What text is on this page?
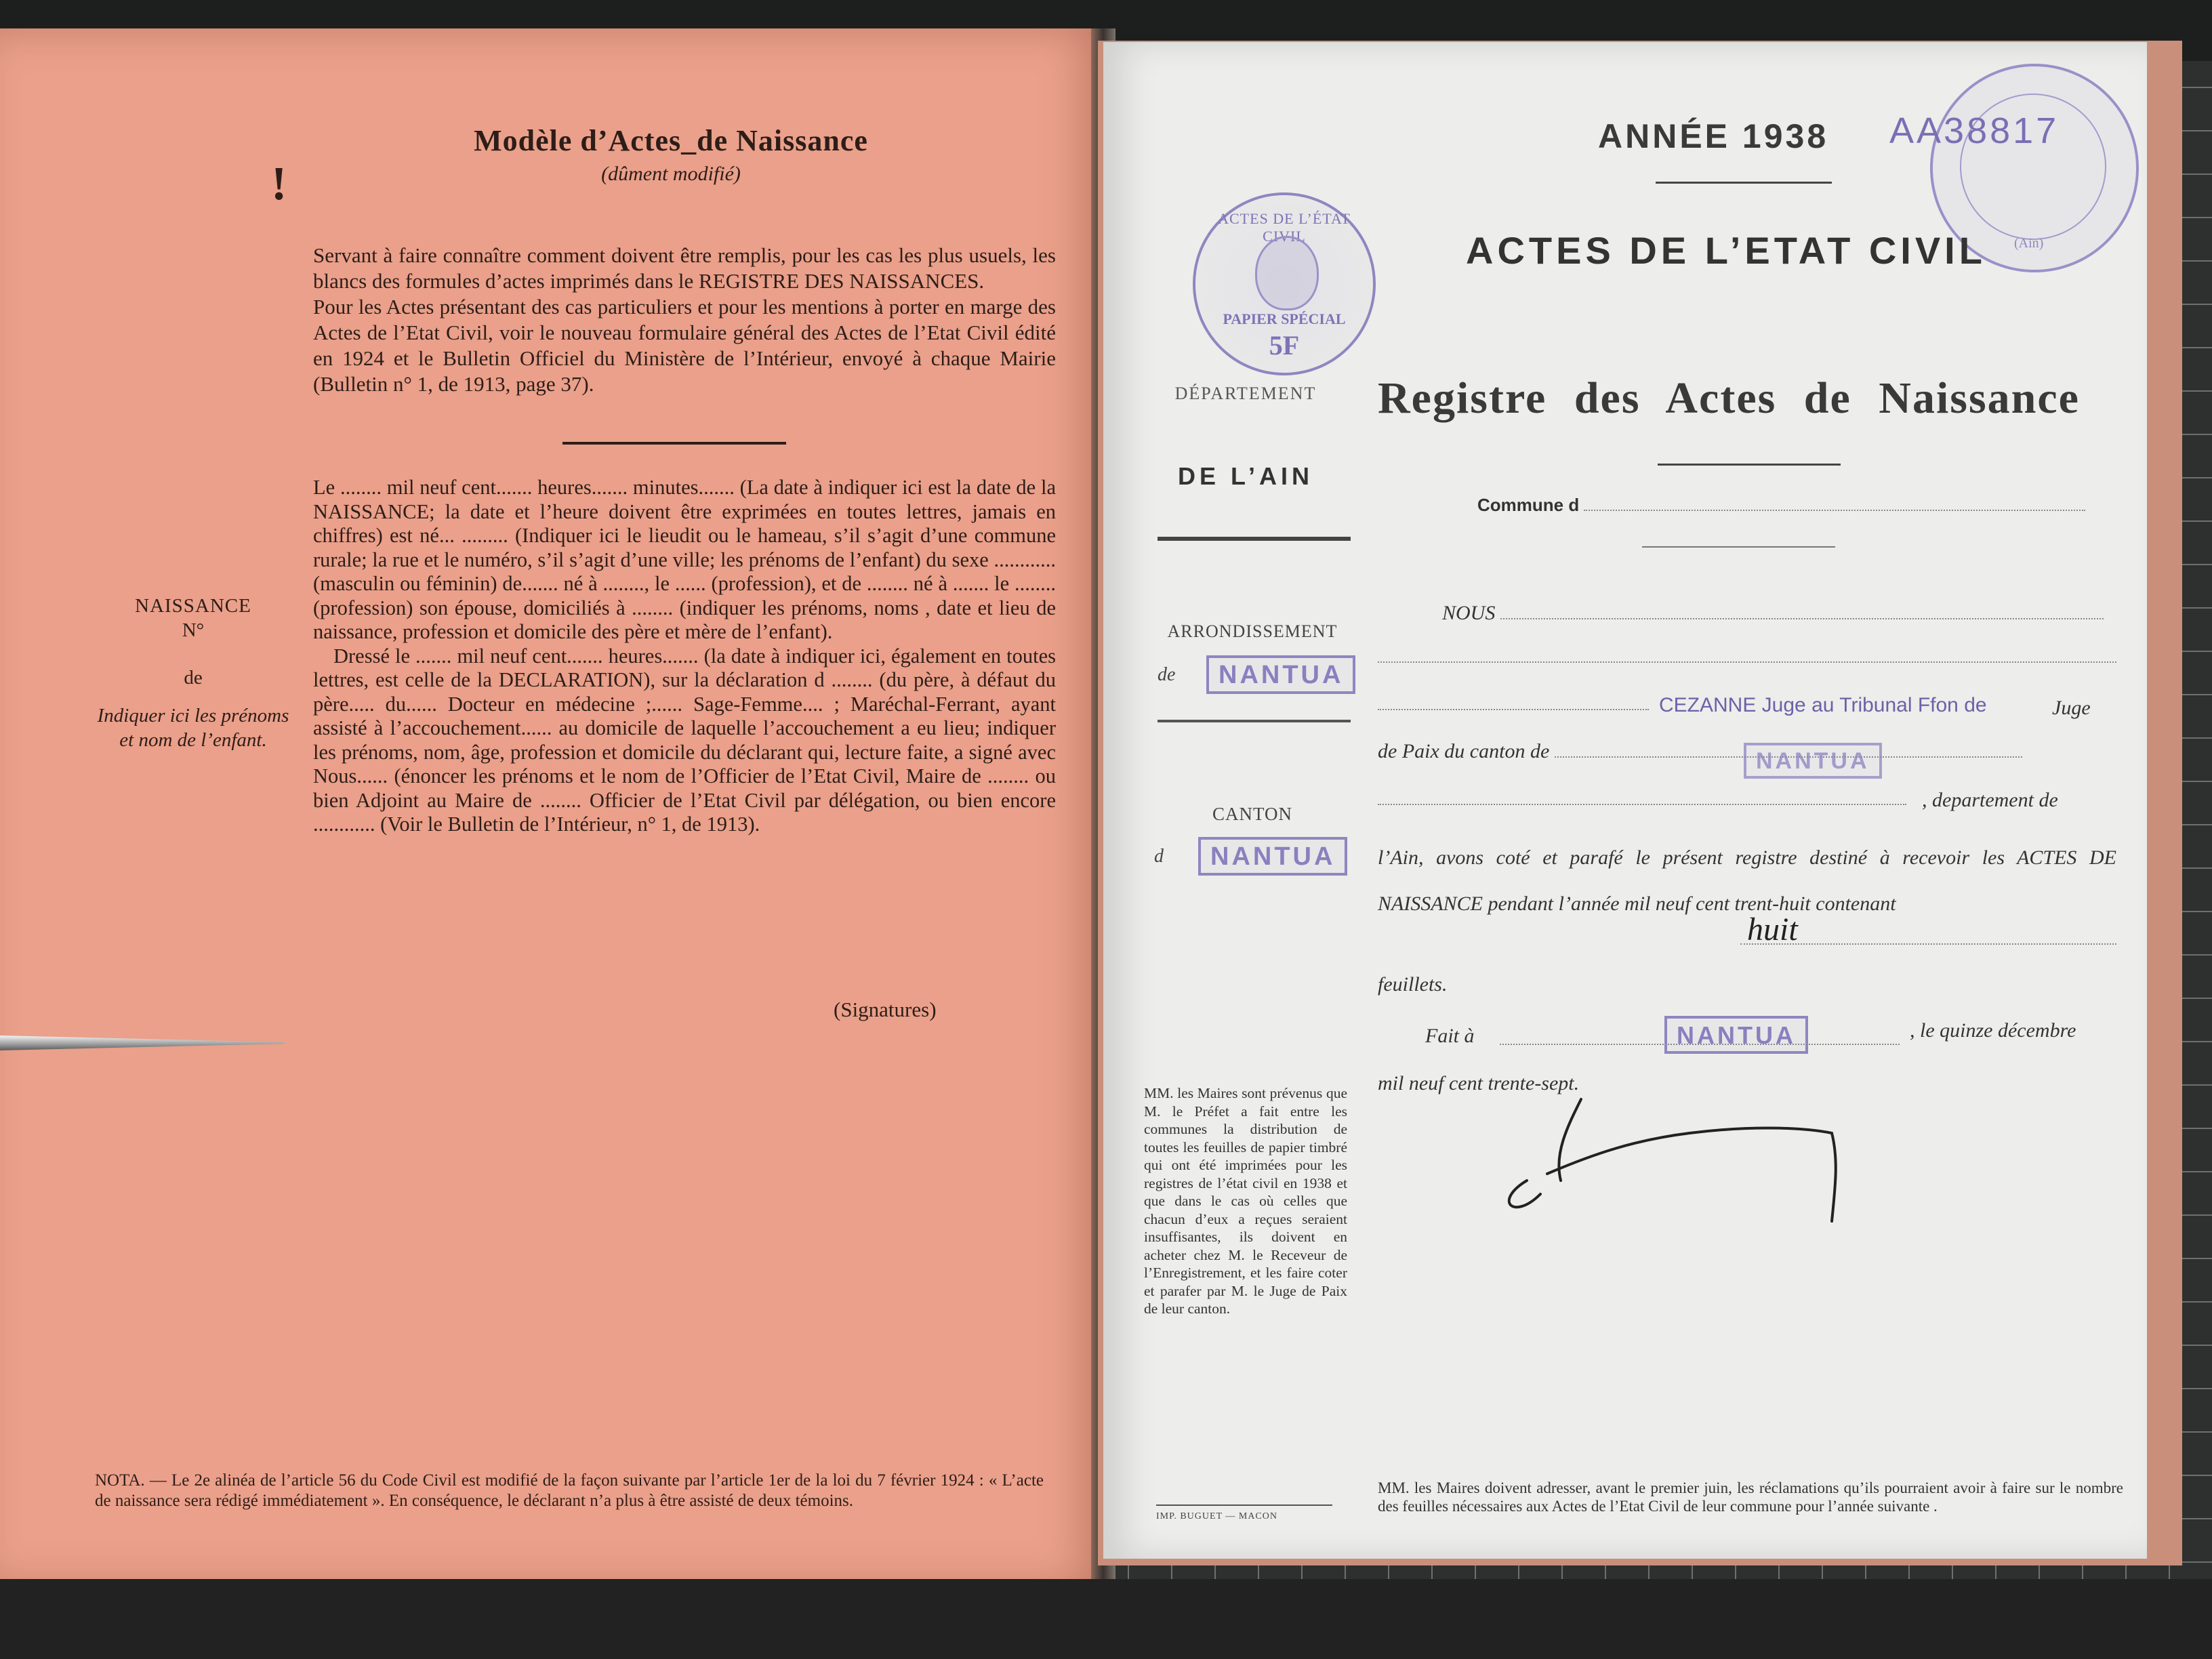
!
Modèle d’Actes_de Naissance
(dûment modifié)

Servant à faire connaître comment doivent être remplis, pour les cas les plus usuels, les blancs des formules d’actes imprimés dans le REGISTRE DES NAISSANCES.

Pour les Actes présentant des cas particuliers et pour les mentions à porter en marge des Actes de l’Etat Civil, voir le nouveau formulaire général des Actes de l’Etat Civil édité en 1924 et le Bulletin Officiel du Ministère de l’Intérieur, envoyé à chaque Mairie (Bulletin n° 1, de 1913, page 37).

NAISSANCE
N°
de
Indiquer ici les prénoms et nom de l’enfant.

Le ........ mil neuf cent....... heures....... minutes....... (La date à indiquer ici est la date de la NAISSANCE; la date et l’heure doivent être exprimées en toutes lettres, jamais en chiffres) est né... ......... (Indiquer ici le lieudit ou le hameau, s’il s’agit d’une commune rurale; la rue et le numéro, s’il s’agit d’une ville; les prénoms de l’enfant) du sexe ............ (masculin ou féminin) de....... né à ........, le ...... (profession), et de ........ né à ....... le ........ (profession) son épouse, domiciliés à ........ (indiquer les prénoms, noms , date et lieu de naissance, profession et domicile des père et mère de l’enfant).

Dressé le ....... mil neuf cent....... heures....... (la date à indiquer ici, également en toutes lettres, est celle de la DECLARATION), sur la déclaration d ........ (du père, à défaut du père..... du...... Docteur en médecine ;...... Sage-Femme.... ; Maréchal-Ferrant, ayant assisté à l’accouchement...... au domicile de laquelle l’accouchement a eu lieu; indiquer les prénoms, nom, âge, profession et domicile du déclarant qui, lecture faite, a signé avec Nous...... (énoncer les prénoms et le nom de l’Officier de l’Etat Civil, Maire de ........ ou bien Adjoint au Maire de ........ Officier de l’Etat Civil par délégation, ou bien encore ............ (Voir le Bulletin de l’Intérieur, n° 1, de 1913).

(Signatures)
NOTA. — Le 2e alinéa de l’article 56 du Code Civil est modifié de la façon suivante par l’article 1er de la loi du 7 février 1924 : « L’acte de naissance sera rédigé immédiatement ». En conséquence, le déclarant n’a plus à être assisté de deux témoins.
(Ain)
ANNÉE 1938 AA38817
ACTES DE L’ETAT CIVIL
ACTES DE L’ÉTAT CIVIL
PAPIER SPÉCIAL
5F
Registre des Actes de Naissance
DÉPARTEMENT
DE L’AIN
ARRONDISSEMENT
de	NANTUA
CANTON
d	NANTUA
Commune d
NOUS
CEZANNE Juge au Tribunal Ffon de	Juge
de Paix du canton de	NANTUA
, departement de
l’Ain, avons coté et parafé le présent registre destiné à recevoir les ACTES DE NAISSANCE pendant l’année mil neuf cent trent-huit contenant
huit
feuillets.
Fait à	NANTUA	, le quinze décembre
mil neuf cent trente-sept.
MM. les Maires sont prévenus que M. le Préfet a fait entre les communes la distribution de toutes les feuilles de papier timbré qui ont été imprimées pour les registres de l’état civil en 1938 et que dans le cas où celles que chacun d’eux a reçues seraient insuffisantes, ils doivent en acheter chez M. le Receveur de l’Enregistrement, et les faire coter et parafer par M. le Juge de Paix de leur canton.
IMP. BUGUET — MACON
MM. les Maires doivent adresser, avant le premier juin, les réclamations qu’ils pourraient avoir à faire sur le nombre des feuilles nécessaires aux Actes de l’Etat Civil de leur commune pour l’année suivante .
